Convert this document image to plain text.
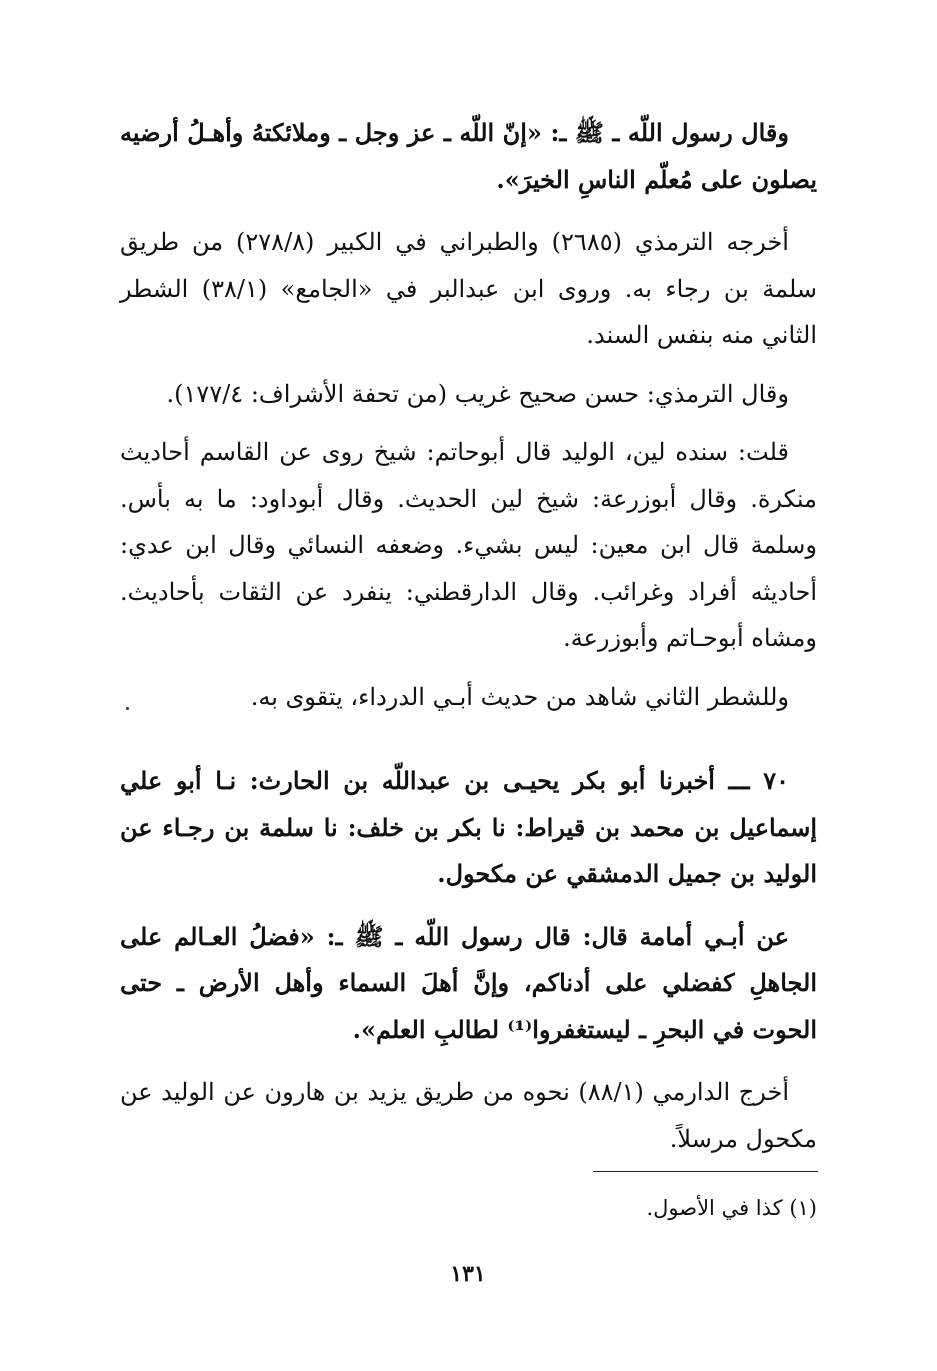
وقال رسول اللّه ـ ﷺ ـ: «إنّ اللّه ـ عز وجل ـ وملائكتهُ وأهـلُ أرضيه يصلون على مُعلّم الناسِ الخيرَ».

أخرجه الترمذي (٢٦٨٥) والطبراني في الكبير (٢٧٨/٨) من طريق سلمة بن رجاء به. وروى ابن عبدالبر في «الجامع» (٣٨/١) الشطر الثاني منه بنفس السند.

وقال الترمذي: حسن صحيح غريب (من تحفة الأشراف: ١٧٧/٤).

قلت: سنده لين، الوليد قال أبوحاتم: شيخ روى عن القاسم أحاديث منكرة. وقال أبوزرعة: شيخ لين الحديث. وقال أبوداود: ما به بأس. وسلمة قال ابن معين: ليس بشيء. وضعفه النسائي وقال ابن عدي: أحاديثه أفراد وغرائب. وقال الدارقطني: ينفرد عن الثقات بأحاديث. ومشاه أبوحـاتم وأبوزرعة.

وللشطر الثاني شاهد من حديث أبـي الدرداء، يتقوى به.

٧٠ ـــ أخبرنا أبو بكر يحيـى بن عبداللّه بن الحارث: نـا أبو علي إسماعيل بن محمد بن قيراط: نا بكر بن خلف: نا سلمة بن رجـاء عن الوليد بن جميل الدمشقي عن مكحول.

عن أبـي أمامة قال: قال رسول اللّه ـ ﷺ ـ: «فضلُ العـالم على الجاهلِ كفضلي على أدناكم، وإنَّ أهلَ السماء وأهل الأرض ـ حتى الحوت في البحرِ ـ ليستغفروا⁽¹⁾ لطالبِ العلم».

أخرج الدارمي (٨٨/١) نحوه من طريق يزيد بن هارون عن الوليد عن مكحول مرسلاً.

(١) كذا في الأصول.
١٣١
